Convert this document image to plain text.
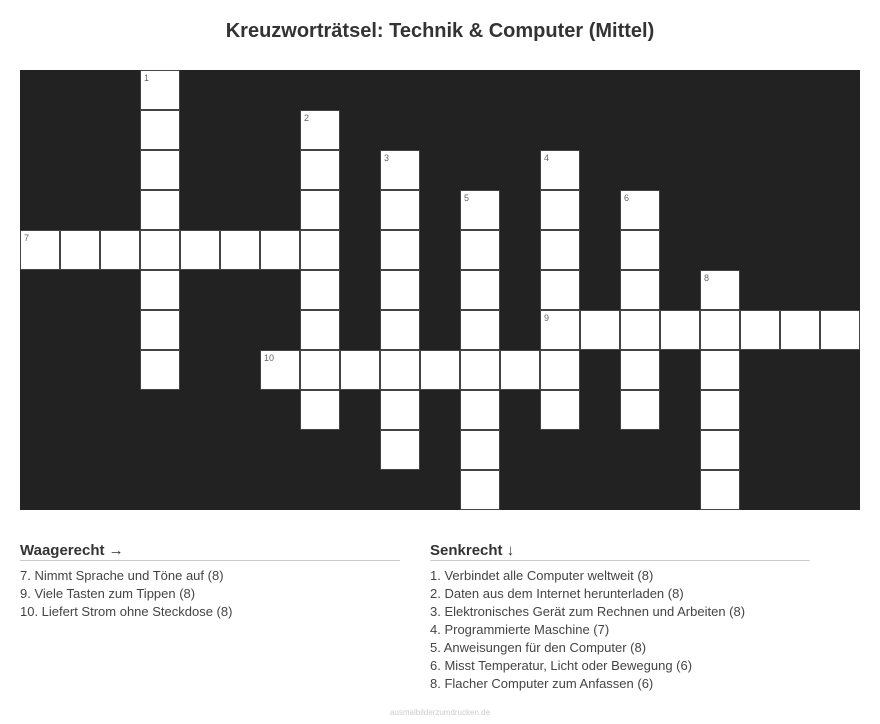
Kreuzworträtsel: Technik & Computer (Mittel)
1
2
3	4
9
5	6
7
8
10
Waagerecht →
7. Nimmt Sprache und Töne auf (8)
9. Viele Tasten zum Tippen (8)
10. Liefert Strom ohne Steckdose (8)
Senkrecht ↓
1. Verbindet alle Computer weltweit (8)
2. Daten aus dem Internet herunterladen (8)
3. Elektronisches Gerät zum Rechnen und Arbeiten (8)
4. Programmierte Maschine (7)
5. Anweisungen für den Computer (8)
6. Misst Temperatur, Licht oder Bewegung (6)
8. Flacher Computer zum Anfassen (6)
ausmalbilderzumdrucken.de
